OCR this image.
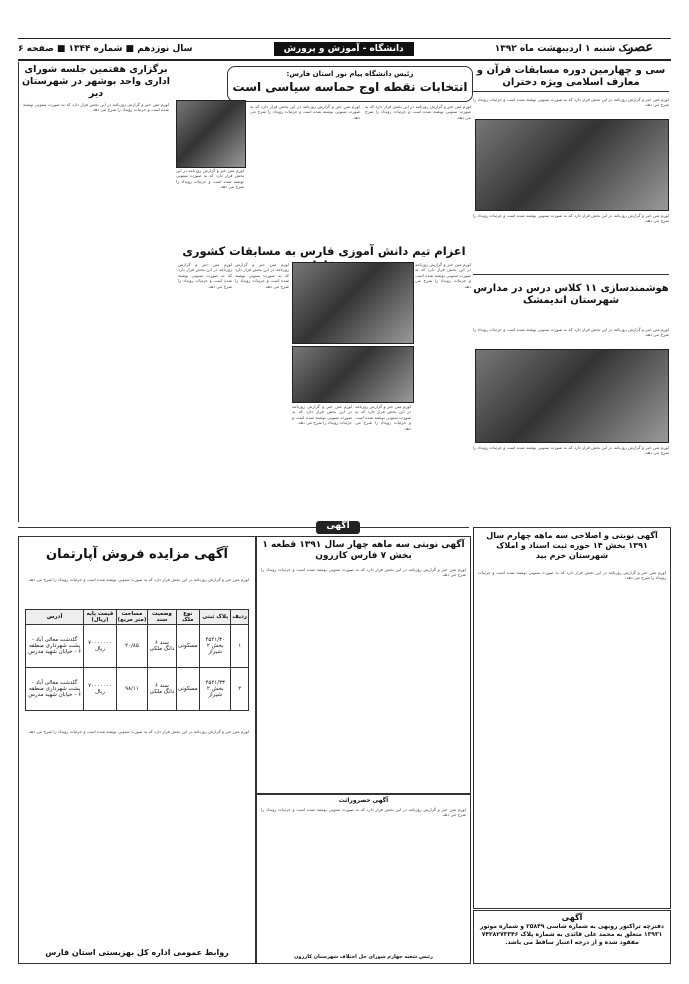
عصر
یک شنبه ۱ اردیبهشت ماه ۱۳۹۲
دانشگاه - آموزش و پرورش
سال نوزدهم ■ شماره ۱۳۴۴ ■ صفحه ۶
سی و چهارمین دوره مسابقات قرآن و معارف اسلامی ویژه دختران
لورم متن خبر و گزارش روزنامه در این بخش قرار دارد که به صورت ستونی نوشته شده است و جزئیات رویداد را شرح می دهد.
لورم متن خبر و گزارش روزنامه در این بخش قرار دارد که به صورت ستونی نوشته شده است و جزئیات رویداد را شرح می دهد.
رئیس دانشگاه پیام نور استان فارس:
انتخابات نقطه اوج حماسه سیاسی است
لورم متن خبر و گزارش روزنامه در این بخش قرار دارد که به صورت ستونی نوشته شده است و جزئیات رویداد را شرح می دهد.
لورم متن خبر و گزارش روزنامه در این بخش قرار دارد که به صورت ستونی نوشته شده است و جزئیات رویداد را شرح می دهد.
لورم متن خبر و گزارش روزنامه در این بخش قرار دارد که به صورت ستونی نوشته شده است و جزئیات رویداد را شرح می دهد.
برگزاری هفتمین جلسه شورای اداری واحد بوشهر در شهرستان دیر
لورم متن خبر و گزارش روزنامه در این بخش قرار دارد که به صورت ستونی نوشته شده است و جزئیات رویداد را شرح می دهد.
اعزام تیم دانش آموزی فارس به مسابقات کشوری
لورم متن خبر و گزارش روزنامه در این بخش قرار دارد که به صورت ستونی نوشته شده است و جزئیات رویداد را شرح می دهد.
لورم متن خبر و گزارش روزنامه در این بخش قرار دارد که به صورت ستونی نوشته شده است و جزئیات رویداد را شرح می دهد.
لورم متن خبر و گزارش روزنامه در این بخش قرار دارد که به صورت ستونی نوشته شده است و جزئیات رویداد را شرح می دهد.
لورم متن خبر و گزارش روزنامه در این بخش قرار دارد که به صورت ستونی نوشته شده است و جزئیات رویداد را شرح می دهد.
لورم متن خبر و گزارش روزنامه در این بخش قرار دارد که به صورت ستونی نوشته شده است و جزئیات رویداد را شرح می دهد.	هوشمندسازی ۱۱ کلاس درس در مدارس شهرستان اندیمشک
لورم متن خبر و گزارش روزنامه در این بخش قرار دارد که به صورت ستونی نوشته شده است و جزئیات رویداد را شرح می دهد.
لورم متن خبر و گزارش روزنامه در این بخش قرار دارد که به صورت ستونی نوشته شده است و جزئیات رویداد را شرح می دهد.
آگهی
آگهی نوبتی سه ماهه چهار سال ۱۳۹۱ قطعه ۱ بخش ۷ فارس کازرون
لورم متن خبر و گزارش روزنامه در این بخش قرار دارد که به صورت ستونی نوشته شده است و جزئیات رویداد را شرح می دهد.
آگهی حصروراثت
لورم متن خبر و گزارش روزنامه در این بخش قرار دارد که به صورت ستونی نوشته شده است و جزئیات رویداد را شرح می دهد.
رئیس شعبه چهارم شورای حل اختلاف شهرستان کازرون
آگهی مزایده فروش آپارتمان
لورم متن خبر و گزارش روزنامه در این بخش قرار دارد که به صورت ستونی نوشته شده است و جزئیات رویداد را شرح می دهد.
ردیف	پلاک ثبتی	نوع ملک	وضعیت سند	مساحت (متر مربع)	قیمت پایه (ریال)	آدرس
۱	۴۵۲۱/۳۰ بخش ۲ شیراز	مسکونی	سند ۶ دانگ ملکی	۲۰/۸۵	۷۰۰۰۰۰۰۰ ریال	گلدشت معالی آباد - پشت شهرداری منطقه ۶ - خیابان شهید مدرس
۲	۴۵۲۱/۳۳ بخش ۲ شیراز	مسکونی	سند ۶ دانگ ملکی	۹۸/۱۱	۷۰۰۰۰۰۰۰ ریال	گلدشت معالی آباد - پشت شهرداری منطقه ۶ - خیابان شهید مدرس
لورم متن خبر و گزارش روزنامه در این بخش قرار دارد که به صورت ستونی نوشته شده است و جزئیات رویداد را شرح می دهد.
روابط عمومی اداره کل بهزیستی استان فارس
آگهی نوبتی و اصلاحی سه ماهه چهارم سال ۱۳۹۱ بخش ۱۴ حوزه ثبت اسناد و املاک شهرستان خرم بید
لورم متن خبر و گزارش روزنامه در این بخش قرار دارد که به صورت ستونی نوشته شده است و جزئیات رویداد را شرح می دهد.
آگهی
دفترچه تراکتور روبهی به شماره شاسی ۲۵۸۴۹ و شماره موتور ۱۳۹۳۱ متعلق به محمد علی قائدی به شماره پلاک ۷۴۲۸۲۷۳۳۴۶ مفقود شده و از درجه اعتبار ساقط می باشد.
